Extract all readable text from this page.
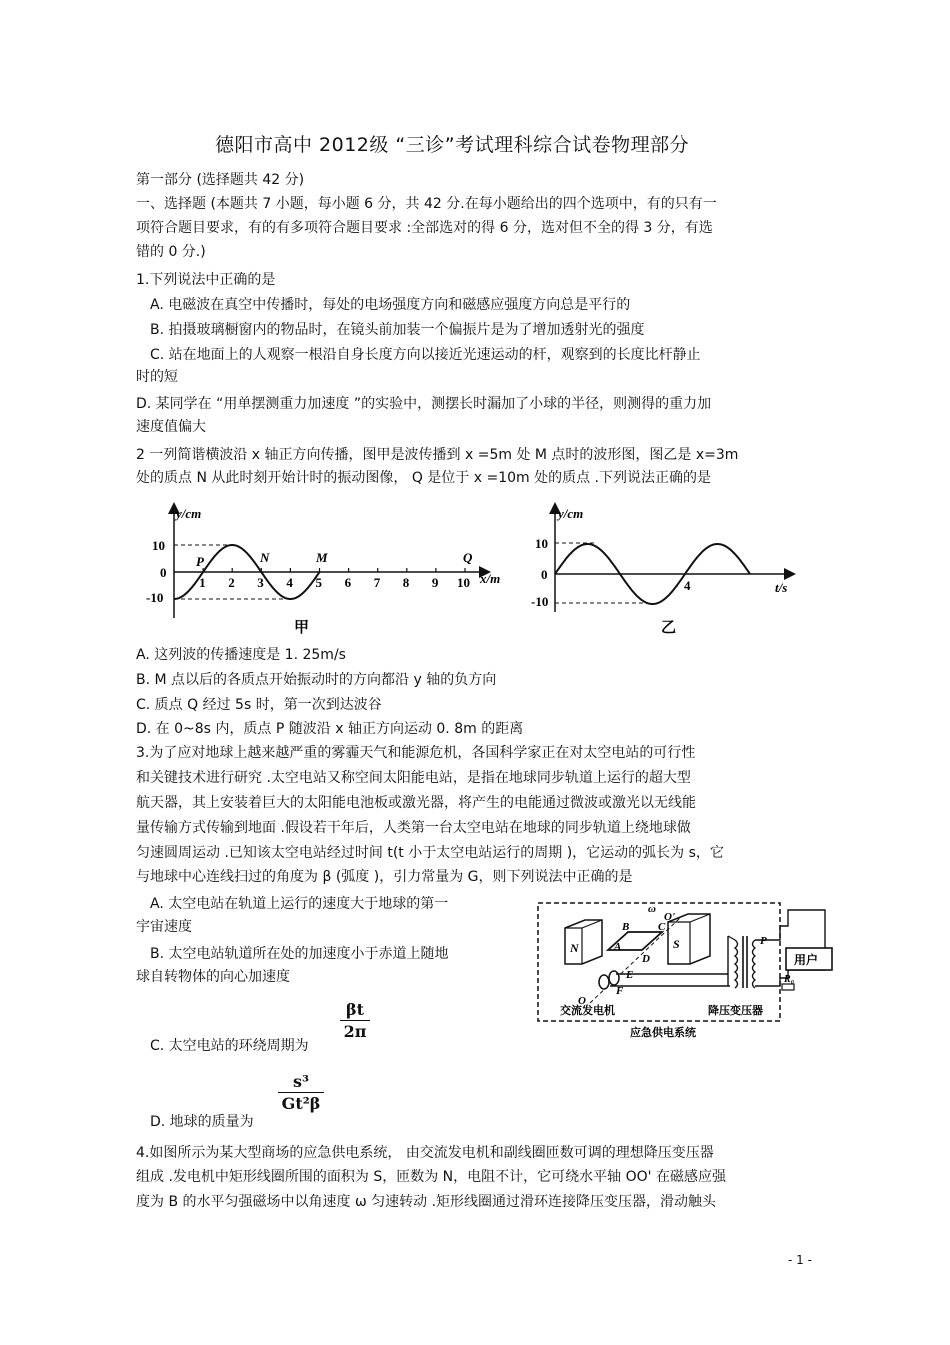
德阳市高中 2012级 “三诊”考试理科综合试卷物理部分
第一部分 (选择题共 42 分)
一、选择题 (本题共 7 小题，每小题 6 分，共 42 分.在每小题给出的四个选项中，有的只有一
项符合题目要求，有的有多项符合题目要求 :全部选对的得 6 分，选对但不全的得 3 分，有选
错的 0 分.)
1.下列说法中正确的是
A. 电磁波在真空中传播时，每处的电场强度方向和磁感应强度方向总是平行的
B. 拍摄玻璃橱窗内的物品时，在镜头前加装一个偏振片是为了增加透射光的强度
C. 站在地面上的人观察一根沿自身长度方向以接近光速运动的杆，观察到的长度比杆静止
时的短
D. 某同学在 “用单摆测重力加速度 ”的实验中，测摆长时漏加了小球的半径，则测得的重力加
速度值偏大
2 一列简谐横波沿 x 轴正方向传播，图甲是波传播到 x =5m 处 M 点时的波形图，图乙是 x=3m
处的质点 N 从此时刻开始计时的振动图像， Q 是位于 x =10m 处的质点 .下列说法正确的是
y/cm
x/m
10
0
-10
1 2 3 4 5 6 7 8 9 10
P	N	M	Q
甲
y/cm
t/s
10
0
-10
4
乙
A. 这列波的传播速度是 1. 25m/s
B. M 点以后的各质点开始振动时的方向都沿 y 轴的负方向
C. 质点 Q 经过 5s 时，第一次到达波谷
D. 在 0~8s 内，质点 P 随波沿 x 轴正方向运动 0. 8m 的距离
3.为了应对地球上越来越严重的雾霾天气和能源危机，各国科学家正在对太空电站的可行性
和关键技术进行研究 .太空电站又称空间太阳能电站，是指在地球同步轨道上运行的超大型
航天器，其上安装着巨大的太阳能电池板或激光器，将产生的电能通过微波或激光以无线能
量传输方式传输到地面 .假设若干年后，人类第一台太空电站在地球的同步轨道上绕地球做
匀速圆周运动 .已知该太空电站经过时间 t(t 小于太空电站运行的周期 )，它运动的弧长为 s，它
与地球中心连线扫过的角度为 β (弧度 )，引力常量为 G，则下列说法中正确的是
A. 太空电站在轨道上运行的速度大于地球的第一
宇宙速度
B. 太空电站轨道所在处的加速度小于赤道上随地
球自转物体的向心加速度
C. 太空电站的环绕周期为
βt
2π
D. 地球的质量为
s³
Gt²β
N	S
A
B	C
D
E
F
O
O'
ω
P
用户
R₀
交流发电机	降压变压器
应急供电系统
4.如图所示为某大型商场的应急供电系统， 由交流发电机和副线圈匝数可调的理想降压变压器
组成 .发电机中矩形线圈所围的面积为 S，匝数为 N，电阻不计，它可绕水平轴 OO' 在磁感应强
度为 B 的水平匀强磁场中以角速度 ω 匀速转动 .矩形线圈通过滑环连接降压变压器，滑动触头
- 1 -
